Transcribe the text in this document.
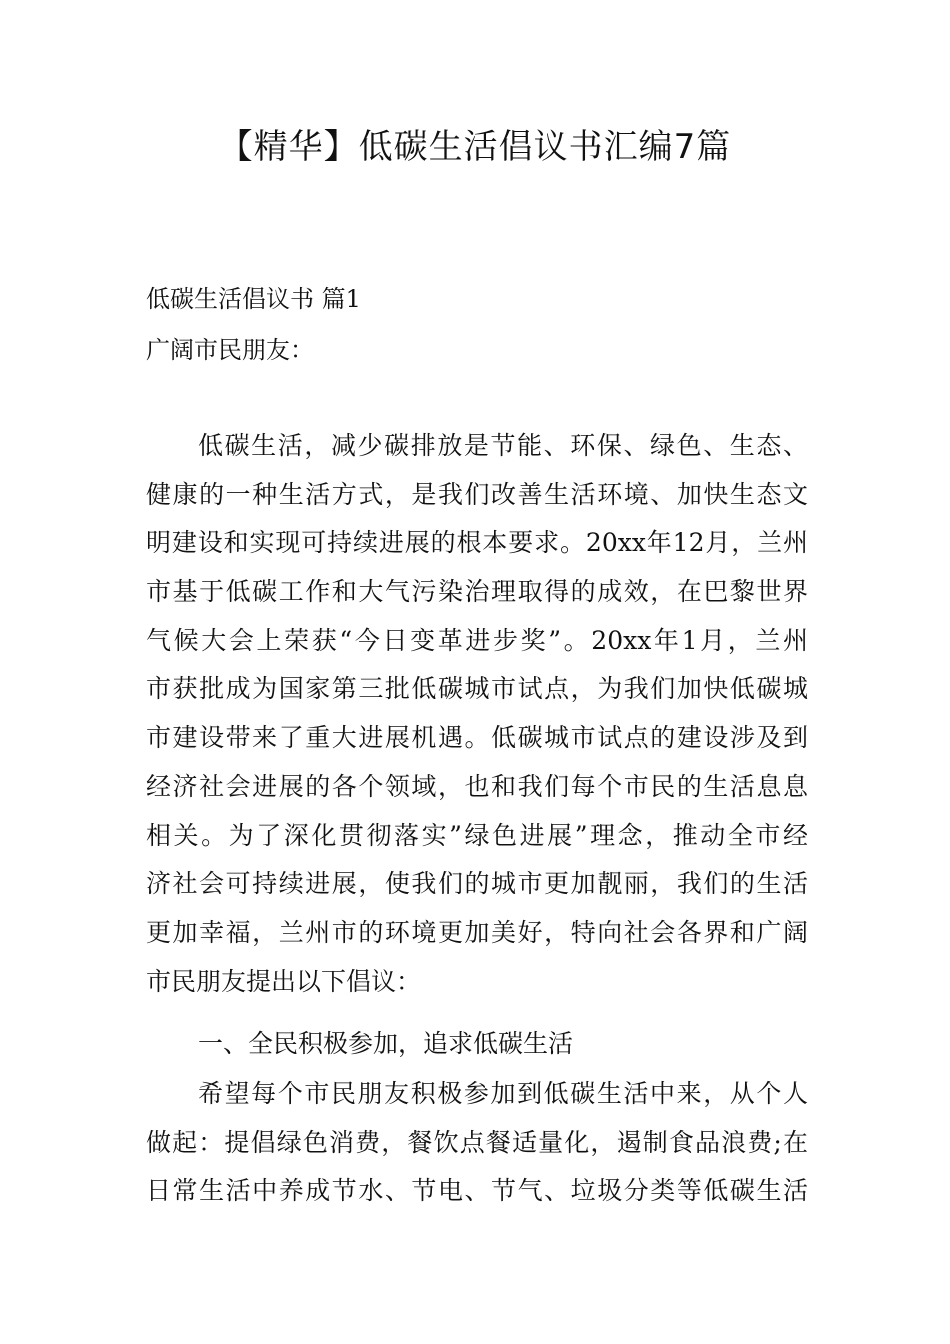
【精华】低碳生活倡议书汇编7篇

低碳生活倡议书 篇1

广阔市民朋友：

低碳生活，减少碳排放是节能、环保、绿色、生态、

健康的一种生活方式，是我们改善生活环境、加快生态文

明建设和实现可持续进展的根本要求。20xx年12月，兰州

市基于低碳工作和大气污染治理取得的成效，在巴黎世界

气候大会上荣获“今日变革进步奖”。20xx年1月，兰州

市获批成为国家第三批低碳城市试点，为我们加快低碳城

市建设带来了重大进展机遇。低碳城市试点的建设涉及到

经济社会进展的各个领域，也和我们每个市民的生活息息

相关。为了深化贯彻落实”绿色进展”理念，推动全市经

济社会可持续进展，使我们的城市更加靓丽，我们的生活

更加幸福，兰州市的环境更加美好，特向社会各界和广阔

市民朋友提出以下倡议：

一、全民积极参加，追求低碳生活

希望每个市民朋友积极参加到低碳生活中来，从个人

做起：提倡绿色消费，餐饮点餐适量化，遏制食品浪费;在

日常生活中养成节水、节电、节气、垃圾分类等低碳生活
